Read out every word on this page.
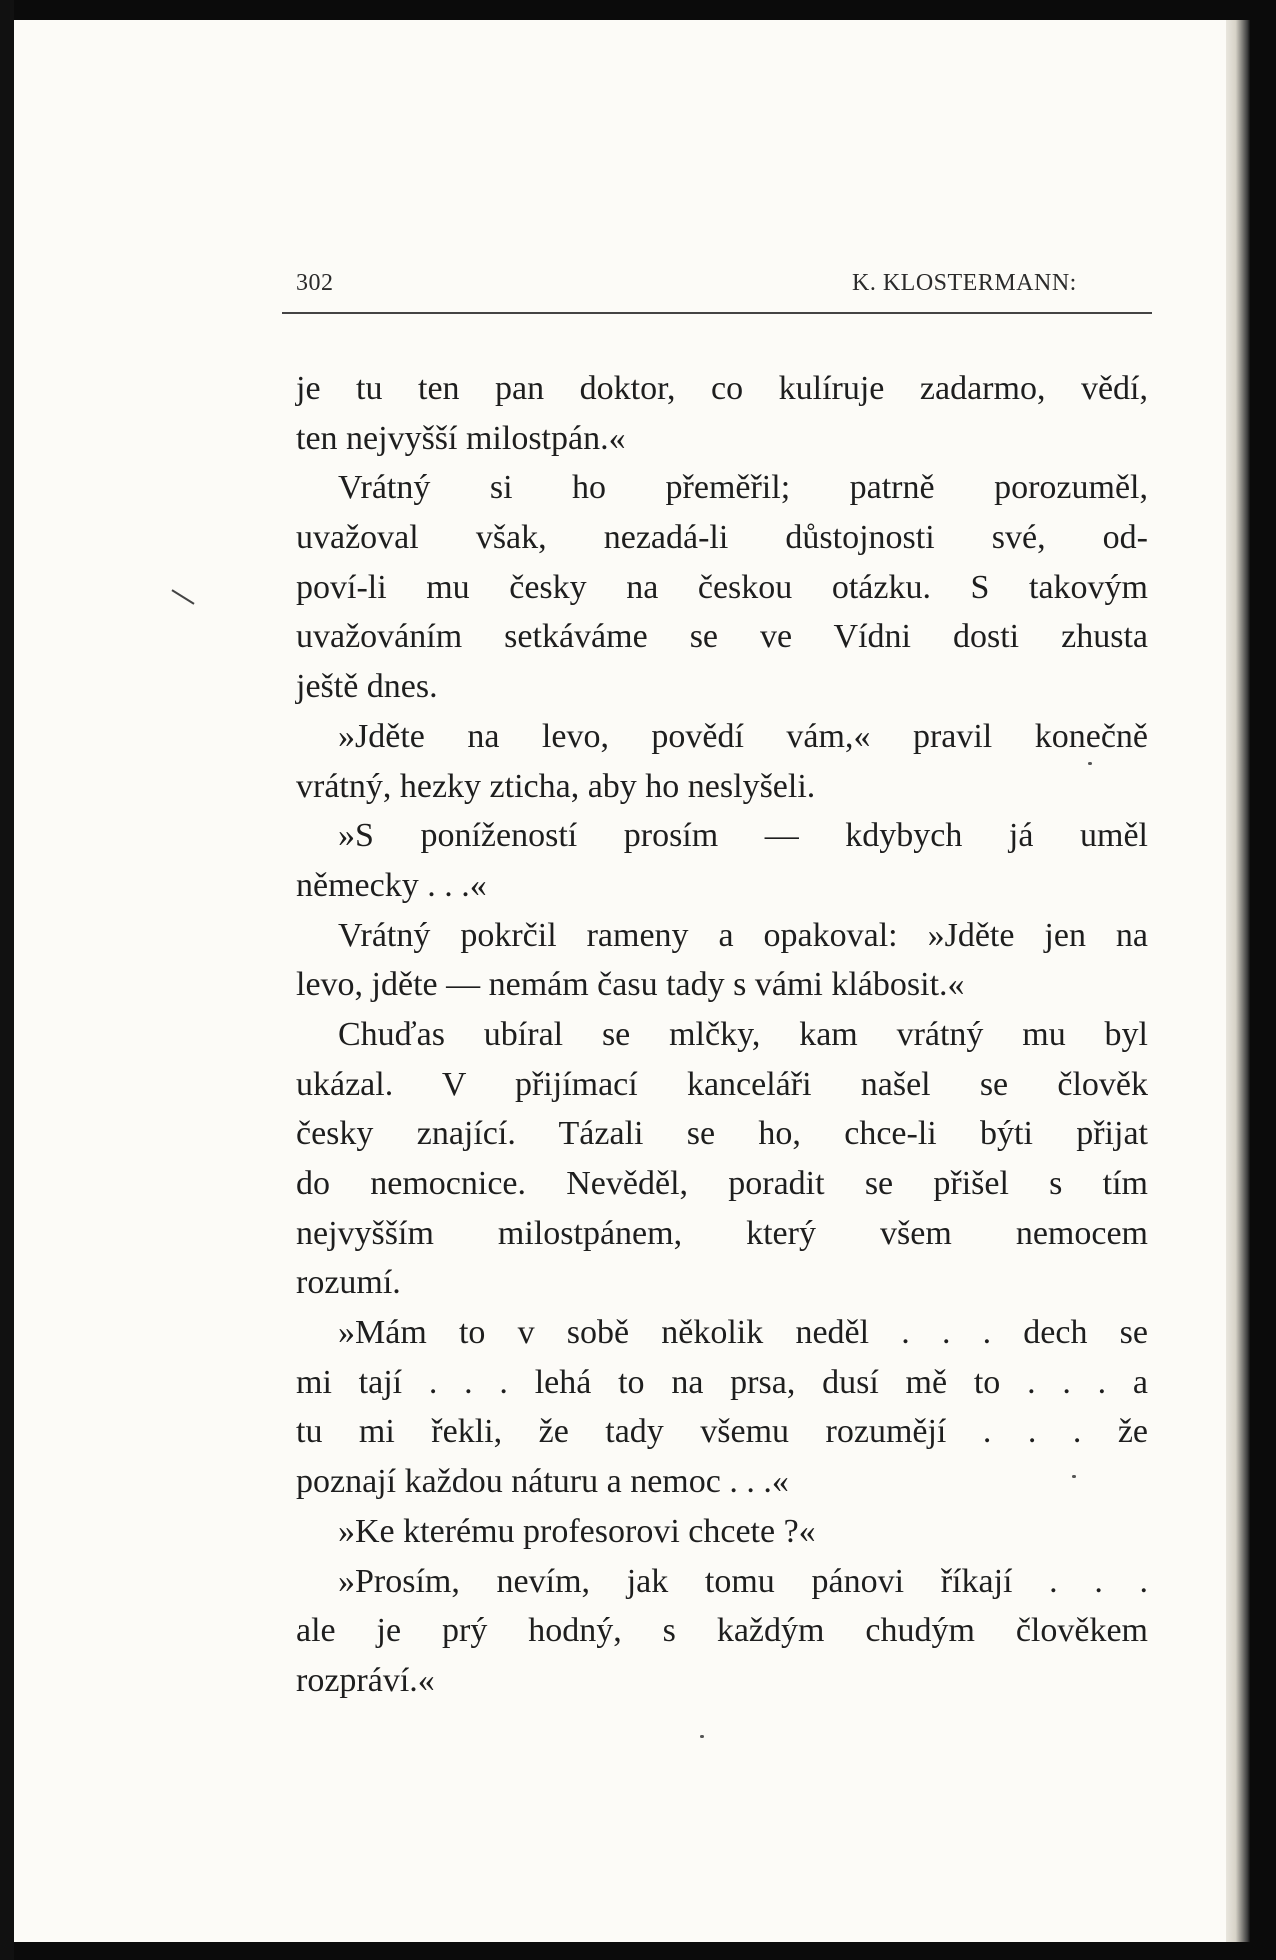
302	K. KLOSTERMANN:
je tu ten pan doktor, co kulíruje zadarmo, vědí,
ten nejvyšší milostpán.«
Vrátný si ho přeměřil; patrně porozuměl,
uvažoval však, nezadá-li důstojnosti své, od-
poví-li mu česky na českou otázku. S takovým
uvažováním setkáváme se ve Vídni dosti zhusta
ještě dnes.
»Jděte na levo, povědí vám,« pravil konečně
vrátný, hezky zticha, aby ho neslyšeli.
»S ponížeností prosím — kdybych já uměl
německy . . .«
Vrátný pokrčil rameny a opakoval: »Jděte jen na
levo, jděte — nemám času tady s vámi klábosit.«
Chuďas ubíral se mlčky, kam vrátný mu byl
ukázal. V přijímací kanceláři našel se člověk
česky znající. Tázali se ho, chce-li býti přijat
do nemocnice. Nevěděl, poradit se přišel s tím
nejvyšším milostpánem, který všem nemocem
rozumí.
»Mám to v sobě několik neděl . . . dech se
mi tají . . . lehá to na prsa, dusí mě to . . . a
tu mi řekli, že tady všemu rozumějí . . . že
poznají každou náturu a nemoc . . .«
»Ke kterému profesorovi chcete ?«
»Prosím, nevím, jak tomu pánovi říkají . . .
ale je prý hodný, s každým chudým člověkem
rozpráví.«
